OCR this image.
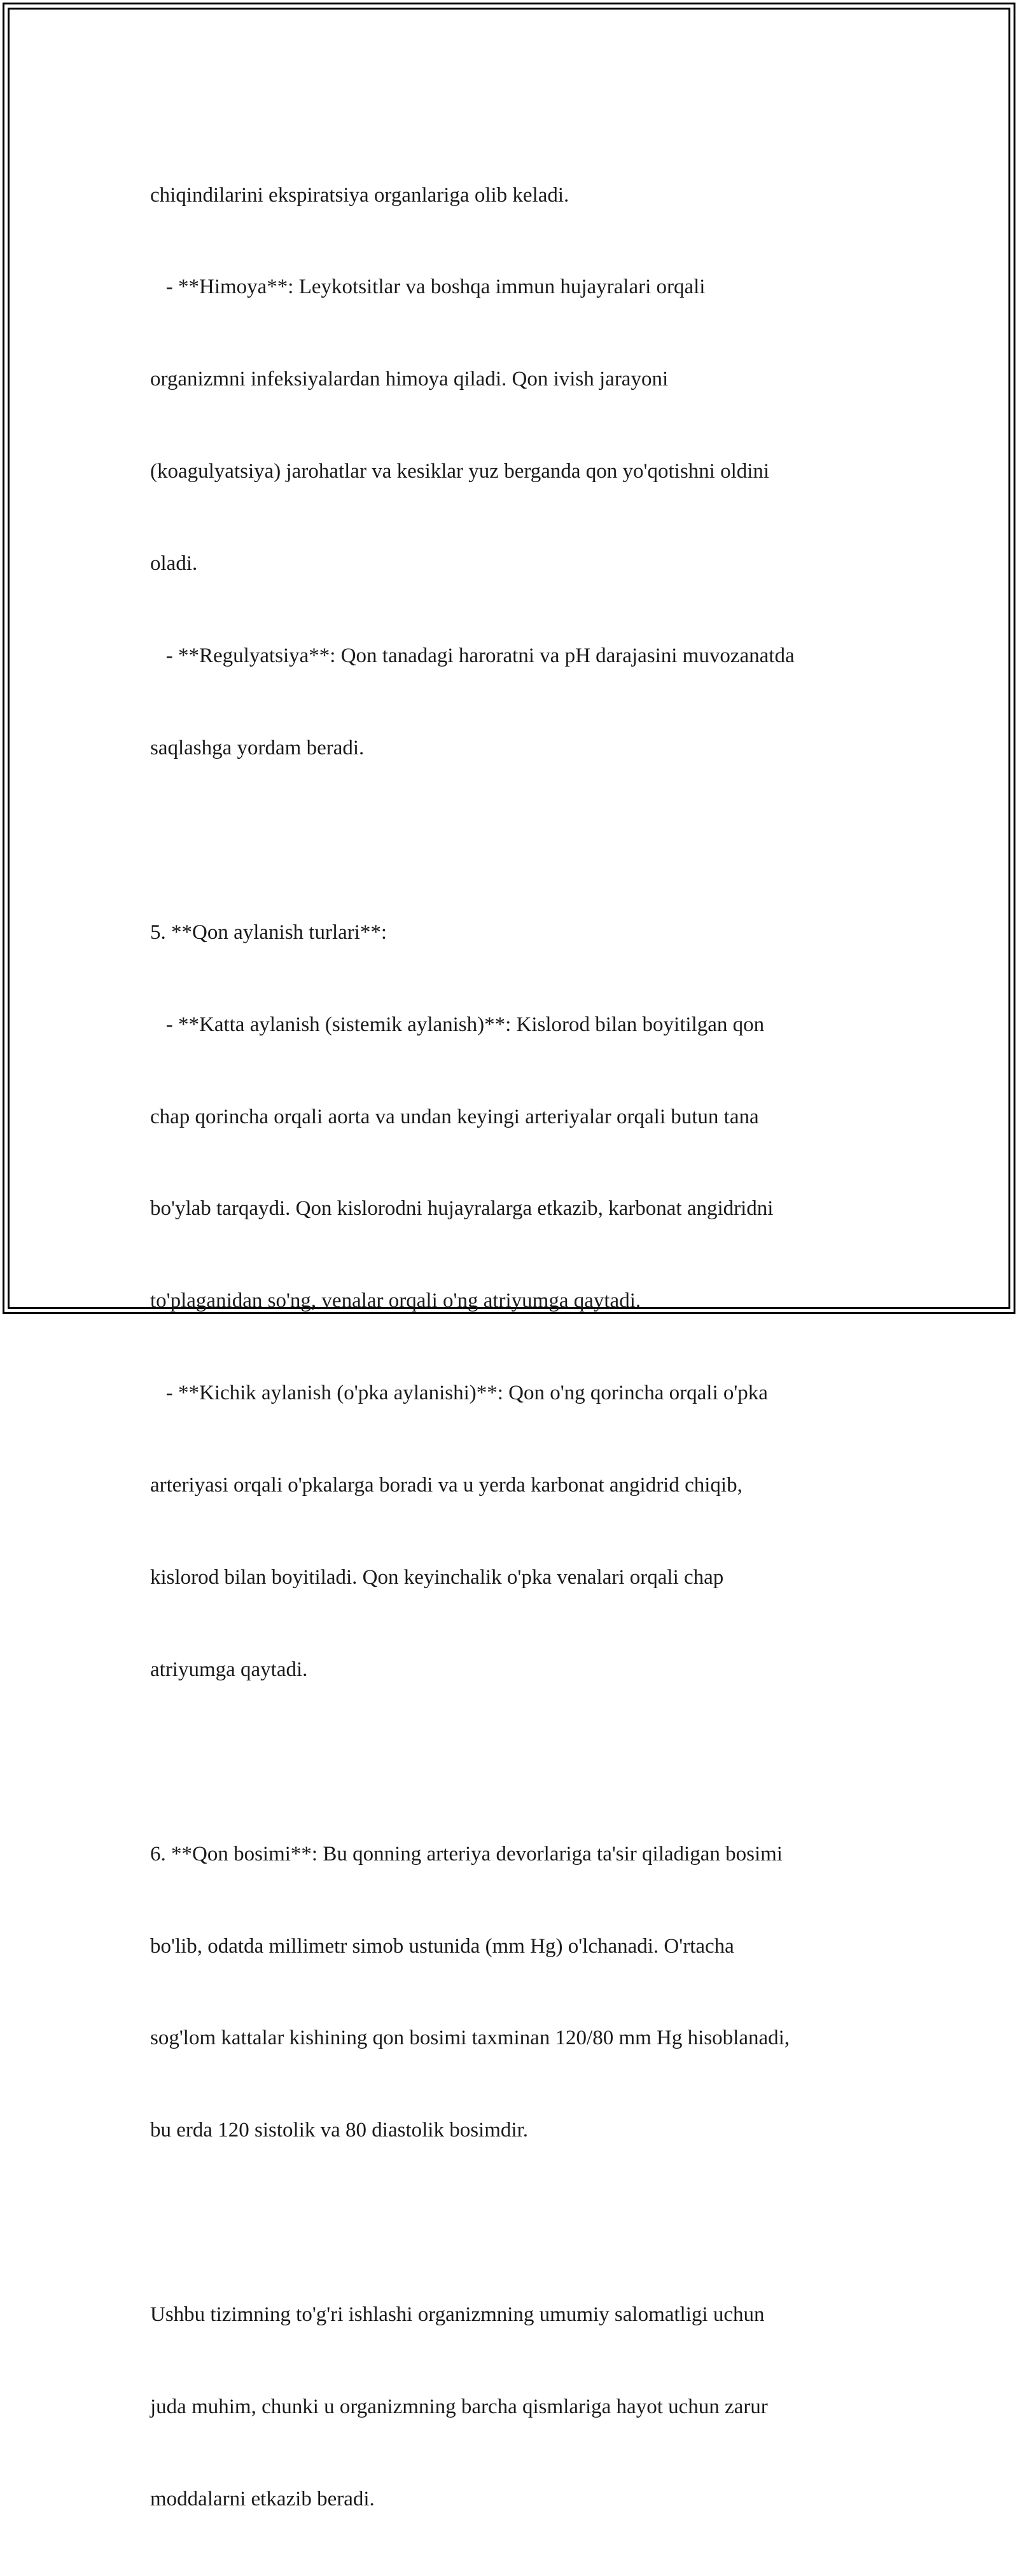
chiqindilarini ekspiratsiya organlariga olib keladi.

- **Himoya**: Leykotsitlar va boshqa immun hujayralari orqali

organizmni infeksiyalardan himoya qiladi. Qon ivish jarayoni

(koagulyatsiya) jarohatlar va kesiklar yuz berganda qon yo'qotishni oldini

oladi.

- **Regulyatsiya**: Qon tanadagi haroratni va pH darajasini muvozanatda

saqlashga yordam beradi.

5. **Qon aylanish turlari**:

- **Katta aylanish (sistemik aylanish)**: Kislorod bilan boyitilgan qon

chap qorincha orqali aorta va undan keyingi arteriyalar orqali butun tana

bo'ylab tarqaydi. Qon kislorodni hujayralarga etkazib, karbonat angidridni

to'plaganidan so'ng, venalar orqali o'ng atriyumga qaytadi.

- **Kichik aylanish (o'pka aylanishi)**: Qon o'ng qorincha orqali o'pka

arteriyasi orqali o'pkalarga boradi va u yerda karbonat angidrid chiqib,

kislorod bilan boyitiladi. Qon keyinchalik o'pka venalari orqali chap

atriyumga qaytadi.

6. **Qon bosimi**: Bu qonning arteriya devorlariga ta'sir qiladigan bosimi

bo'lib, odatda millimetr simob ustunida (mm Hg) o'lchanadi. O'rtacha

sog'lom kattalar kishining qon bosimi taxminan 120/80 mm Hg hisoblanadi,

bu erda 120 sistolik va 80 diastolik bosimdir.

Ushbu tizimning to'g'ri ishlashi organizmning umumiy salomatligi uchun

juda muhim, chunki u organizmning barcha qismlariga hayot uchun zarur

moddalarni etkazib beradi.
